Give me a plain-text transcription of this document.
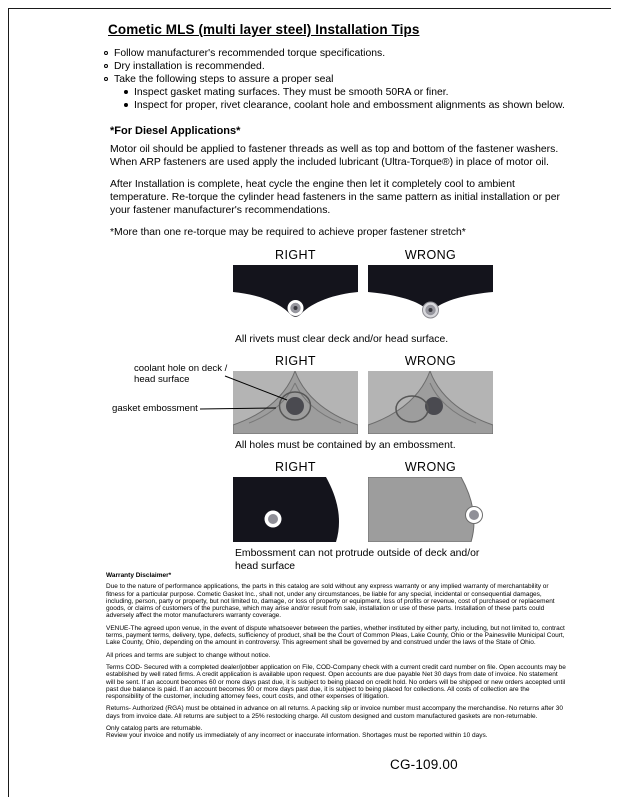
Cometic MLS (multi layer steel) Installation Tips
Follow manufacturer's recommended torque specifications.
Dry installation is recommended.
Take the following steps to assure a proper seal
Inspect gasket mating surfaces. They must be smooth 50RA or finer.
Inspect for proper, rivet clearance, coolant hole and embossment alignments as shown below.
*For Diesel Applications*

Motor oil should be applied to fastener threads as well as top and bottom of the fastener washers. When ARP fasteners are used apply the included lubricant (Ultra-Torque®) in place of motor oil.

After Installation is complete, heat cycle the engine then let it completely cool to ambient temperature. Re-torque the cylinder head fasteners in the same pattern as initial installation or per your fastener manufacturer's recommendations.

*More than one re-torque may be required to achieve proper fastener stretch*

RIGHT	WRONG
All rivets must clear deck and/or head surface.
RIGHT	WRONG
coolant hole on deck / head surface
gasket embossment
All holes must be contained by an embossment.
RIGHT	WRONG
Embossment can not protrude outside of deck and/or head surface
Warranty Disclaimer*

Due to the nature of performance applications, the parts in this catalog are sold without any express warranty or any implied warranty of merchantability or fitness for a particular purpose. Cometic Gasket Inc., shall not, under any circumstances, be liable for any special, incidental or consequential damages, including, person, party or property, but not limited to, damage, or loss of property or equipment, loss of profits or revenue, cost of purchased or replacement goods, or claims of customers of the purchase, which may arise and/or result from sale, installation or use of these parts. Installation of these parts could adversely affect the motor manufacturers warranty coverage.

VENUE-The agreed upon venue, in the event of dispute whatsoever between the parties, whether instituted by either party, including, but not limited to, contract terms, payment terms, delivery, type, defects, sufficiency of product, shall be the Court of Common Pleas, Lake County, Ohio or the Painesville Municipal Court, Lake County, Ohio, depending on the amount in controversy. This agreement shall be governed by and construed under the laws of the State of Ohio.

All prices and terms are subject to change without notice.

Terms COD- Secured with a completed dealer/jobber application on File, COD-Company check with a current credit card number on file. Open accounts may be established by well rated firms. A credit application is available upon request. Open accounts are due payable Net 30 days from date of invoice. No statement will be sent. If an account becomes 60 or more days past due, it is subject to being placed on credit hold. No orders will be shipped or new orders accepted until past due balance is paid. If an account becomes 90 or more days past due, it is subject to being placed for collections. All costs of collection are the responsibility of the customer, including attorney fees, court costs, and other expenses of litigation.

Returns- Authorized (RGA) must be obtained in advance on all returns. A packing slip or invoice number must accompany the merchandise. No returns after 30 days from invoice date. All returns are subject to a 25% restocking charge. All custom designed and custom manufactured gaskets are non-returnable.

Only catalog parts are returnable.

Review your invoice and notify us immediately of any incorrect or inaccurate information. Shortages must be reported within 10 days.

CG-109.00
